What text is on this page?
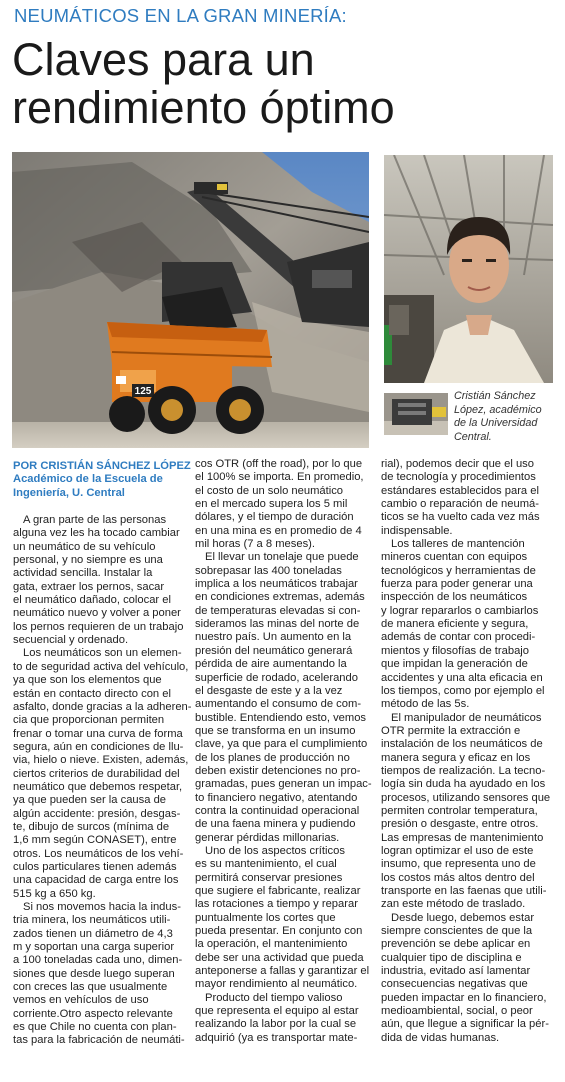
NEUMÁTICOS EN LA GRAN MINERÍA:
Claves para un
rendimiento óptimo
125	Cristián Sánchez
López, académico
de la Universidad
Central.
POR CRISTIÁN SÁNCHEZ LÓPEZ
Académico de la Escuela de
Ingeniería, U. Central
A gran parte de las personas
alguna vez les ha tocado cambiar
un neumático de su vehículo
personal, y no siempre es una
actividad sencilla. Instalar la
gata, extraer los pernos, sacar
el neumático dañado, colocar el
neumático nuevo y volver a poner
los pernos requieren de un trabajo
secuencial y ordenado.
Los neumáticos son un elemen-
to de seguridad activa del vehículo,
ya que son los elementos que
están en contacto directo con el
asfalto, donde gracias a la adheren-
cia que proporcionan permiten
frenar o tomar una curva de forma
segura, aún en condiciones de llu-
via, hielo o nieve. Existen, además,
ciertos criterios de durabilidad del
neumático que debemos respetar,
ya que pueden ser la causa de
algún accidente: presión, desgas-
te, dibujo de surcos (mínima de
1,6 mm según CONASET), entre
otros. Los neumáticos de los vehí-
culos particulares tienen además
una capacidad de carga entre los
515 kg a 650 kg.
Si nos movemos hacia la indus-
tria minera, los neumáticos utili-
zados tienen un diámetro de 4,3
m y soportan una carga superior
a 100 toneladas cada uno, dimen-
siones que desde luego superan
con creces las que usualmente
vemos en vehículos de uso
corriente.Otro aspecto relevante
es que Chile no cuenta con plan-
tas para la fabricación de neumáti-
cos OTR (off the road), por lo que
el 100% se importa. En promedio,
el costo de un solo neumático
en el mercado supera los 5 mil
dólares, y el tiempo de duración
en una mina es en promedio de 4
mil horas (7 a 8 meses).
El llevar un tonelaje que puede
sobrepasar las 400 toneladas
implica a los neumáticos trabajar
en condiciones extremas, además
de temperaturas elevadas si con-
sideramos las minas del norte de
nuestro país. Un aumento en la
presión del neumático generará
pérdida de aire aumentando la
superficie de rodado, acelerando
el desgaste de este y a la vez
aumentando el consumo de com-
bustible. Entendiendo esto, vemos
que se transforma en un insumo
clave, ya que para el cumplimiento
de los planes de producción no
deben existir detenciones no pro-
gramadas, pues generan un impac-
to financiero negativo, atentando
contra la continuidad operacional
de una faena minera y pudiendo
generar pérdidas millonarias.
Uno de los aspectos críticos
es su mantenimiento, el cual
permitirá conservar presiones
que sugiere el fabricante, realizar
las rotaciones a tiempo y reparar
puntualmente los cortes que
pueda presentar. En conjunto con
la operación, el mantenimiento
debe ser una actividad que pueda
anteponerse a fallas y garantizar el
mayor rendimiento al neumático.
Producto del tiempo valioso
que representa el equipo al estar
realizando la labor por la cual se
adquirió (ya es transportar mate-
rial), podemos decir que el uso
de tecnología y procedimientos
estándares establecidos para el
cambio o reparación de neumá-
ticos se ha vuelto cada vez más
indispensable.
Los talleres de mantención
mineros cuentan con equipos
tecnológicos y herramientas de
fuerza para poder generar una
inspección de los neumáticos
y lograr repararlos o cambiarlos
de manera eficiente y segura,
además de contar con procedi-
mientos y filosofías de trabajo
que impidan la generación de
accidentes y una alta eficacia en
los tiempos, como por ejemplo el
método de las 5s.
El manipulador de neumáticos
OTR permite la extracción e
instalación de los neumáticos de
manera segura y eficaz en los
tiempos de realización. La tecno-
logía sin duda ha ayudado en los
procesos, utilizando sensores que
permiten controlar temperatura,
presión o desgaste, entre otros.
Las empresas de mantenimiento
logran optimizar el uso de este
insumo, que representa uno de
los costos más altos dentro del
transporte en las faenas que utili-
zan este método de traslado.
Desde luego, debemos estar
siempre conscientes de que la
prevención se debe aplicar en
cualquier tipo de disciplina e
industria, evitado así lamentar
consecuencias negativas que
pueden impactar en lo financiero,
medioambiental, social, o peor
aún, que llegue a significar la pér-
dida de vidas humanas.
